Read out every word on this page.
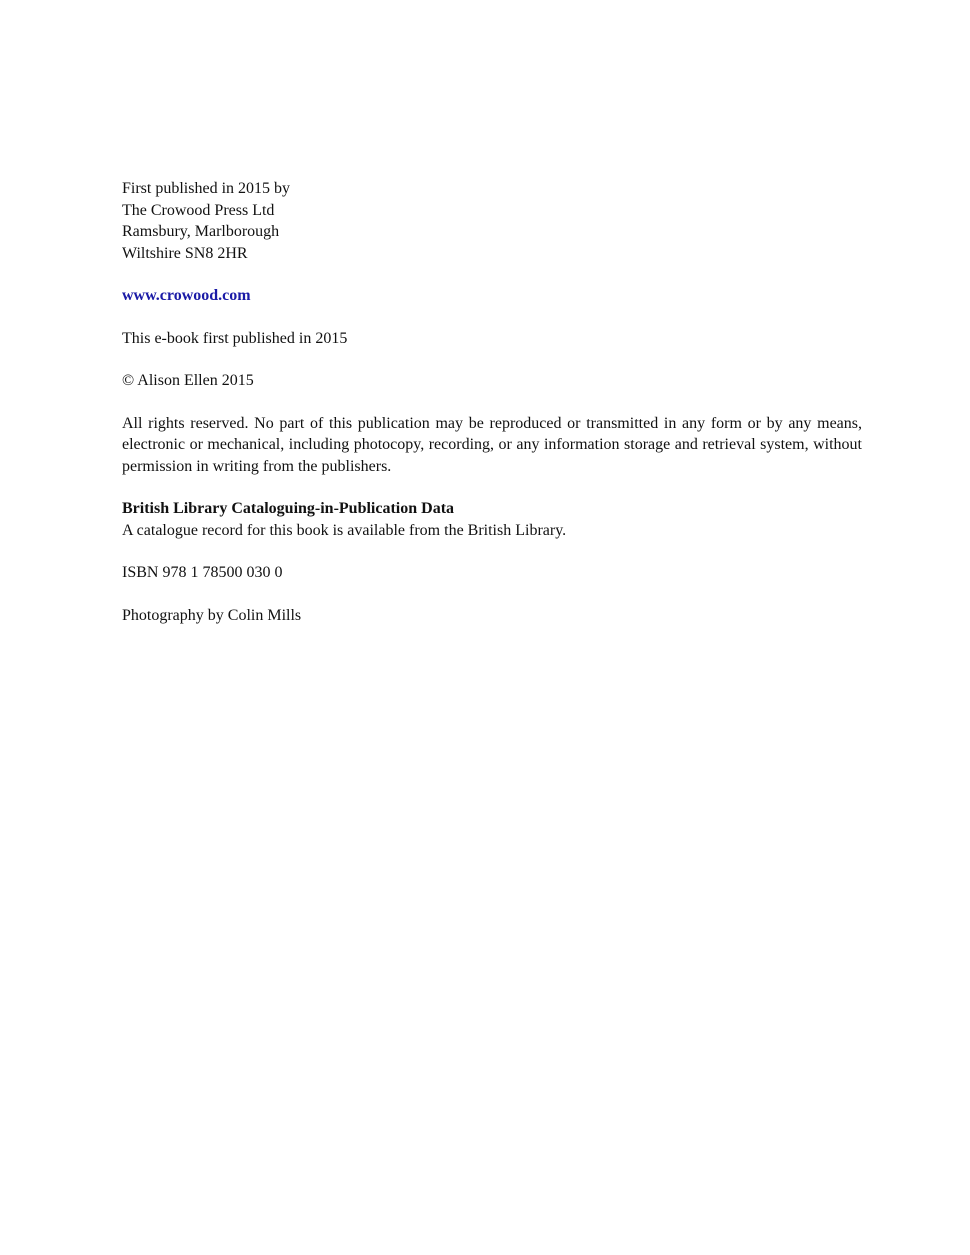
First published in 2015 by
The Crowood Press Ltd
Ramsbury, Marlborough
Wiltshire SN8 2HR
www.crowood.com
This e-book first published in 2015
© Alison Ellen 2015
All rights reserved. No part of this publication may be reproduced or transmitted in any form or by any means, electronic or mechanical, including photocopy, recording, or any information storage and retrieval system, without permission in writing from the publishers.
British Library Cataloguing-in-Publication Data
A catalogue record for this book is available from the British Library.
ISBN 978 1 78500 030 0
Photography by Colin Mills
